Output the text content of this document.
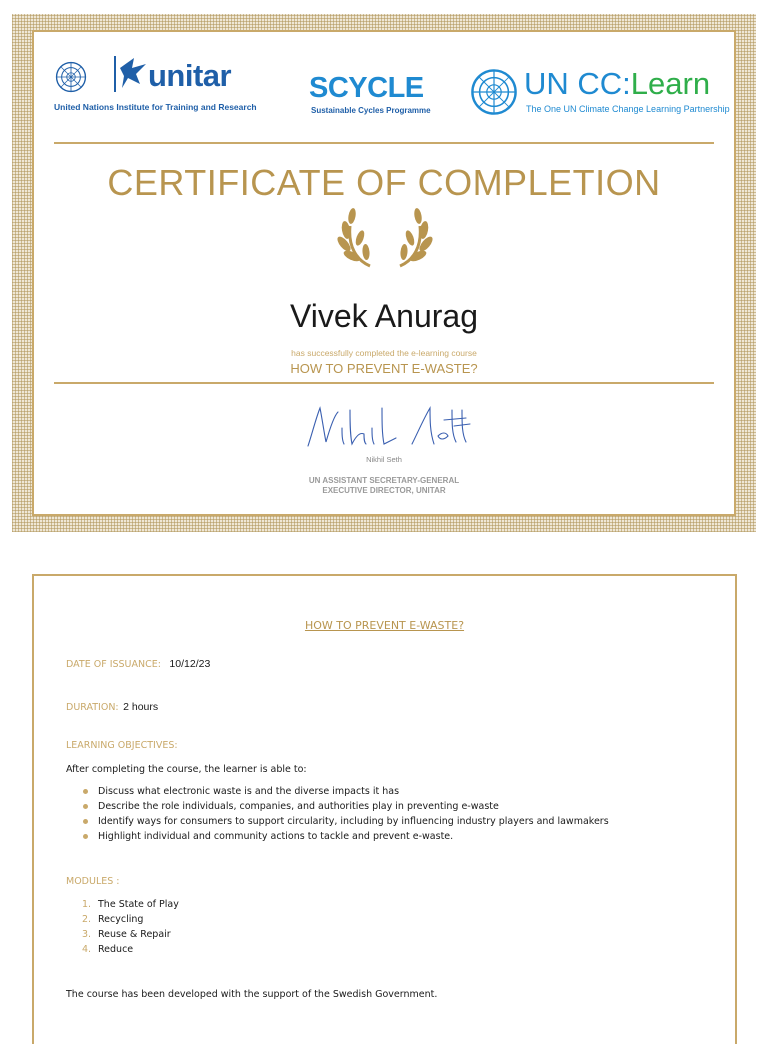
unitar
United Nations Institute for Training and Research
SCYCLE
Sustainable Cycles Programme
UN CC:Learn
The One UN Climate Change Learning Partnership
CERTIFICATE OF COMPLETION
Vivek Anurag
has successfully completed the e-learning course
HOW TO PREVENT E-WASTE?
Nikhil Seth
UN ASSISTANT SECRETARY-GENERAL
EXECUTIVE DIRECTOR, UNITAR
HOW TO PREVENT E-WASTE?
DATE OF ISSUANCE: 10/12/23
DURATION: 2 hours
LEARNING OBJECTIVES:
After completing the course, the learner is able to:
Discuss what electronic waste is and the diverse impacts it has
Describe the role individuals, companies, and authorities play in preventing e-waste
Identify ways for consumers to support circularity, including by influencing industry players and lawmakers
Highlight individual and community actions to tackle and prevent e-waste.
MODULES :
1. The State of Play
2. Recycling
3. Reuse & Repair
4. Reduce
The course has been developed with the support of the Swedish Government.
